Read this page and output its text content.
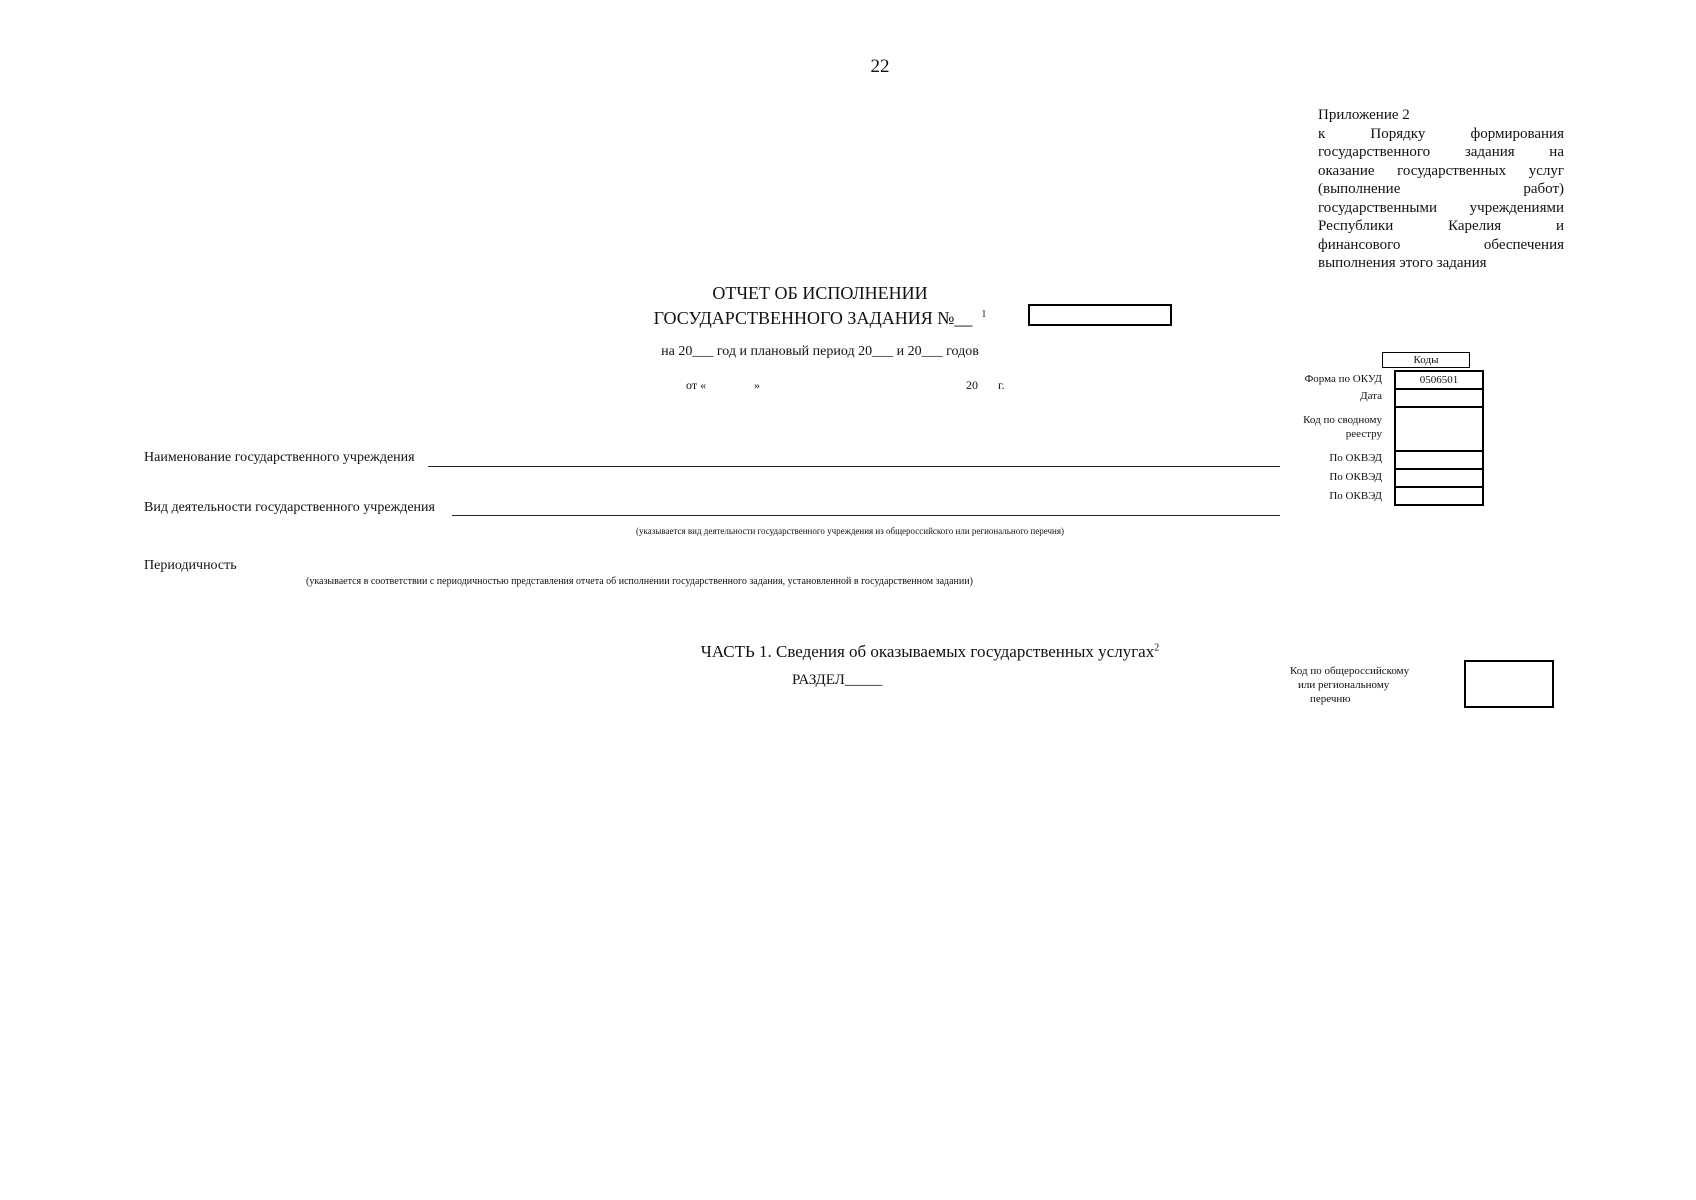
22
Приложение 2
к Порядку формирования
государственного задания на
оказание государственных услуг
(выполнение работ)
государственными учреждениями
Республики Карелия и
финансового обеспечения
выполнения этого задания
ОТЧЕТ ОБ ИСПОЛНЕНИИ
ГОСУДАРСТВЕННОГО ЗАДАНИЯ №__ $^1$
на 20___ год и плановый период 20___ и 20___ годов
от «	»	20 г.
Наименование государственного учреждения
Вид деятельности государственного учреждения
(указывается вид деятельности государственного учреждения из общероссийского или регионального перечня)
Периодичность
(указывается в соответствии с периодичностью представления отчета об исполнении государственного задания, установленной в государственном задании)
Коды
0506501
Форма по ОКУД
Дата
Код по сводному
реестру
По ОКВЭД
По ОКВЭД
По ОКВЭД
ЧАСТЬ 1. Сведения об оказываемых государственных услугах$^2$
РАЗДЕЛ_____
Код по общероссийскому
или региональному
перечню
